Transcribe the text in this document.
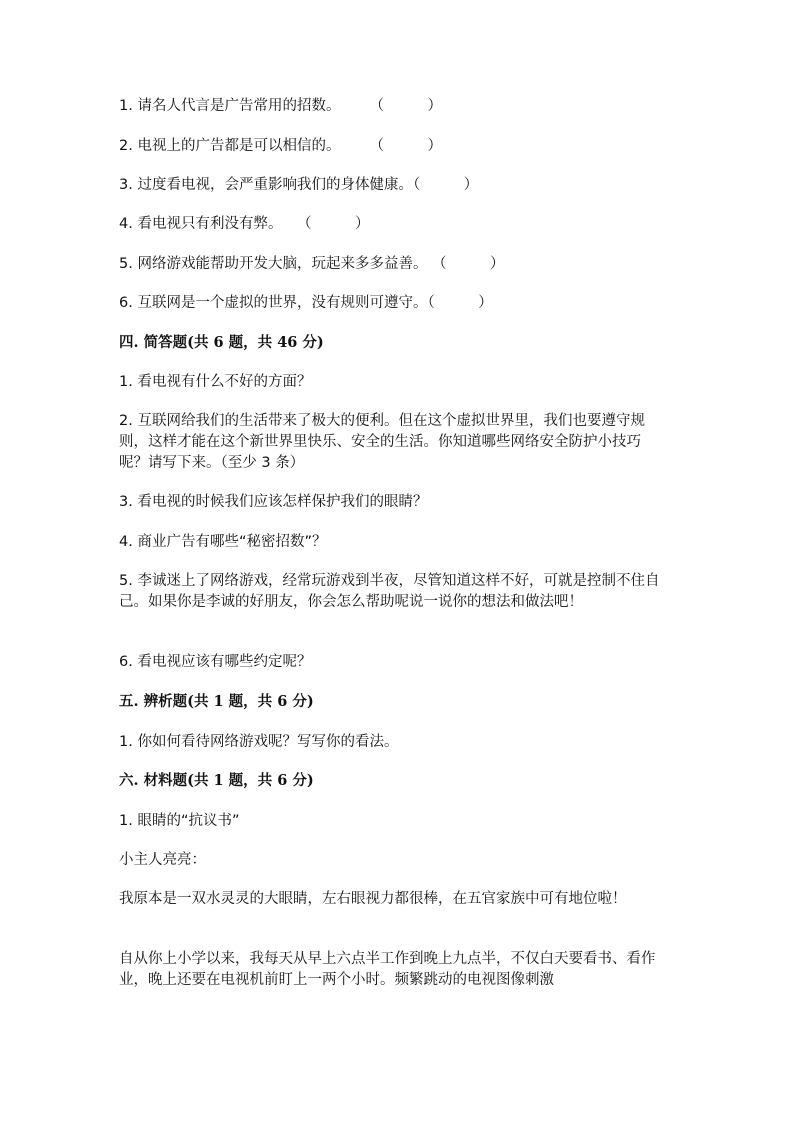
1. 请名人代言是广告常用的招数。　　　（　　　）
2. 电视上的广告都是可以相信的。　　　（　　　）
3. 过度看电视，会严重影响我们的身体健康。（　　　）
4. 看电视只有利没有弊。　　（　　　）
5. 网络游戏能帮助开发大脑，玩起来多多益善。 （　　　）
6. 互联网是一个虚拟的世界，没有规则可遵守。（　　　）
四. 简答题(共 6 题，共 46 分)
1. 看电视有什么不好的方面？
2. 互联网给我们的生活带来了极大的便利。但在这个虚拟世界里，我们也要遵守规则，这样才能在这个新世界里快乐、安全的生活。你知道哪些网络安全防护小技巧呢？请写下来。（至少 3 条）
3. 看电视的时候我们应该怎样保护我们的眼睛？
4. 商业广告有哪些“秘密招数”？
5. 李诚迷上了网络游戏，经常玩游戏到半夜，尽管知道这样不好，可就是控制不住自己。如果你是李诚的好朋友，你会怎么帮助呢说一说你的想法和做法吧！
6. 看电视应该有哪些约定呢？
五. 辨析题(共 1 题，共 6 分)
1. 你如何看待网络游戏呢？写写你的看法。
六. 材料题(共 1 题，共 6 分)
1. 眼睛的“抗议书”
小主人亮亮：
我原本是一双水灵灵的大眼睛，左右眼视力都很棒，在五官家族中可有地位啦！
自从你上小学以来，我每天从早上六点半工作到晚上九点半，不仅白天要看书、看作业，晚上还要在电视机前盯上一两个小时。频繁跳动的电视图像刺激
